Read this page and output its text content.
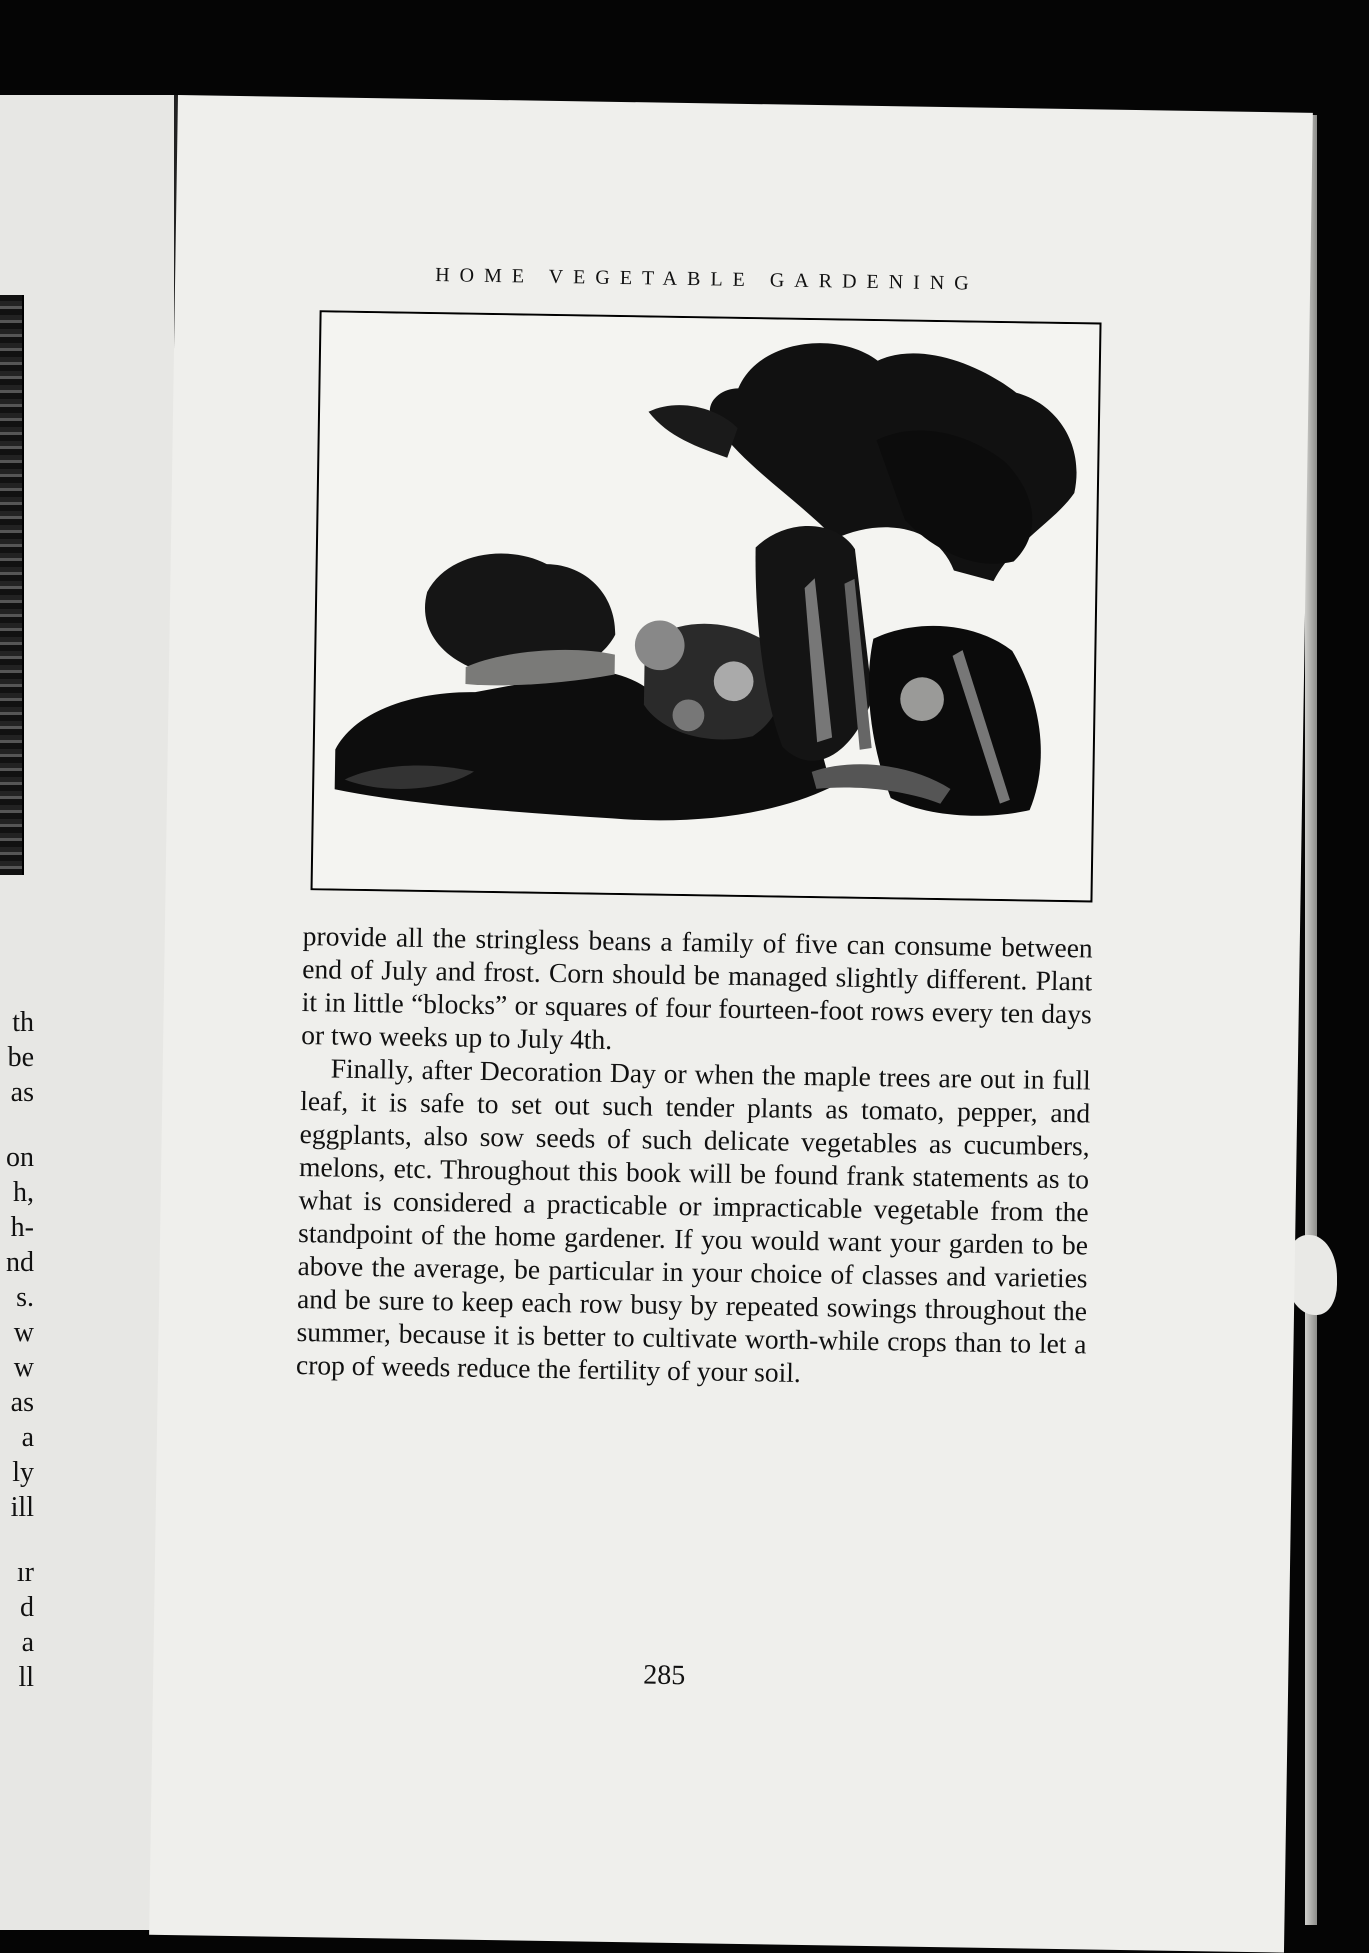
th
be
as
on
h,
h-
nd
s.
w
w
as
a
ly
ill
ır
d
a
ll
HOME VEGETABLE GARDENING

provide all the stringless beans a family of five can consume between end of July and frost. Corn should be managed slightly different. Plant it in little “blocks” or squares of four fourteen-foot rows every ten days or two weeks up to July 4th.

Finally, after Decoration Day or when the maple trees are out in full leaf, it is safe to set out such tender plants as tomato, pepper, and eggplants, also sow seeds of such delicate vegetables as cucumbers, melons, etc. Throughout this book will be found frank statements as to what is considered a practicable or impracticable vegetable from the standpoint of the home gardener. If you would want your garden to be above the average, be particular in your choice of classes and varieties and be sure to keep each row busy by repeated sowings throughout the summer, because it is better to cultivate worth-while crops than to let a crop of weeds reduce the fertility of your soil.

285
